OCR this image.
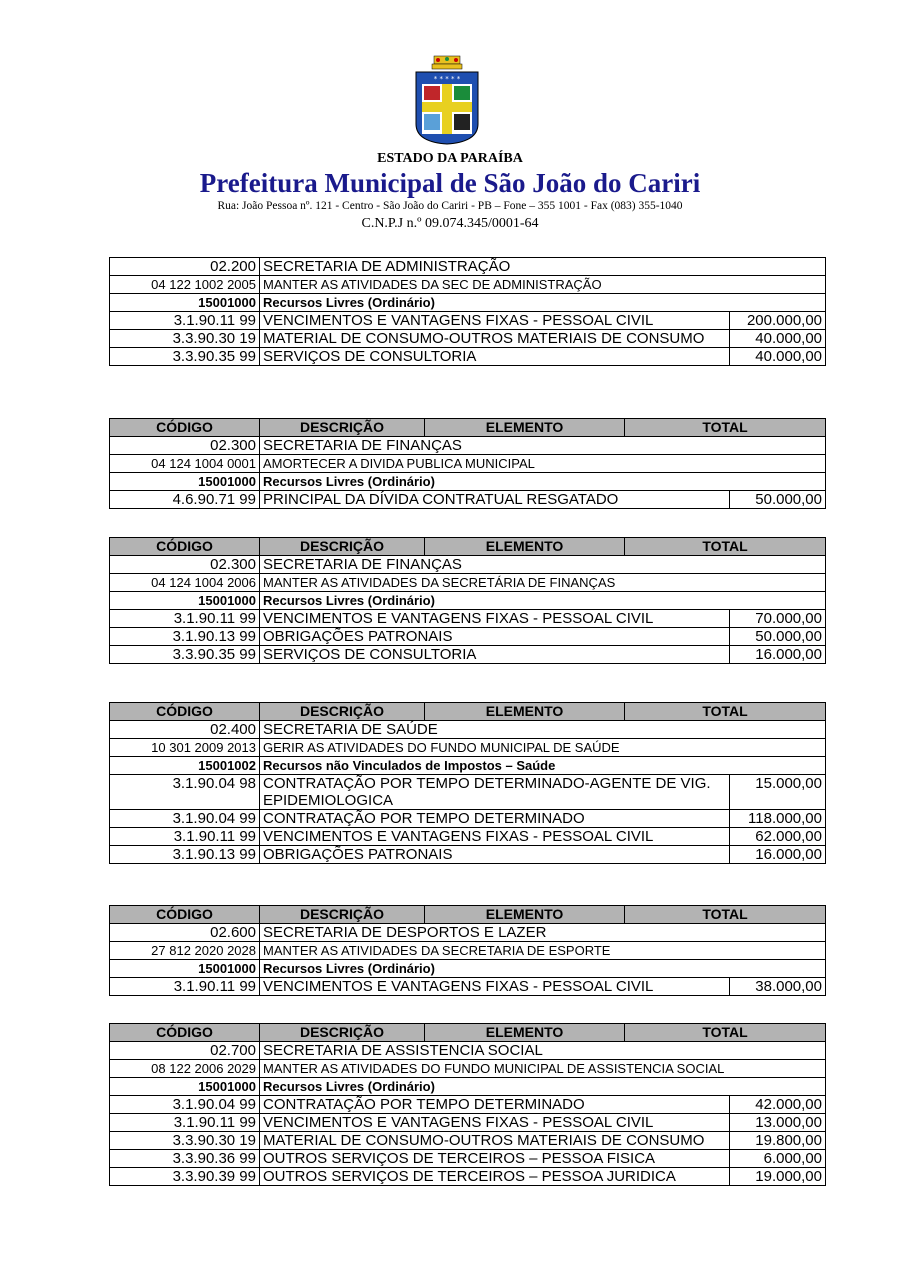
* * * * *
ESTADO DA PARAÍBA
Prefeitura Municipal de São João do Cariri
Rua: João Pessoa nº. 121 - Centro - São João do Cariri - PB – Fone – 355 1001 - Fax (083) 355-1040
C.N.P.J n.º 09.074.345/0001-64
02.200	SECRETARIA DE ADMINISTRAÇÃO	
04 122 1002 2005	MANTER AS ATIVIDADES DA SEC DE ADMINISTRAÇÃO	
15001000	Recursos Livres (Ordinário)	
3.1.90.11 99	VENCIMENTOS E VANTAGENS FIXAS - PESSOAL CIVIL	200.000,00
3.3.90.30 19	MATERIAL DE CONSUMO-OUTROS MATERIAIS DE CONSUMO	40.000,00
3.3.90.35 99	SERVIÇOS DE CONSULTORIA	40.000,00
CÓDIGO	DESCRIÇÃO	ELEMENTO	TOTAL	
02.300	SECRETARIA DE FINANÇAS			
04 124 1004 0001	AMORTECER A DIVIDA PUBLICA MUNICIPAL			
15001000	Recursos Livres (Ordinário)			
4.6.90.71 99	PRINCIPAL DA DÍVIDA CONTRATUAL RESGATADO			50.000,00
CÓDIGO	DESCRIÇÃO	ELEMENTO	TOTAL	
02.300	SECRETARIA DE FINANÇAS			
04 124 1004 2006	MANTER AS ATIVIDADES DA SECRETÁRIA DE FINANÇAS			
15001000	Recursos Livres (Ordinário)			
3.1.90.11 99	VENCIMENTOS E VANTAGENS FIXAS - PESSOAL CIVIL			70.000,00
3.1.90.13 99	OBRIGAÇÕES PATRONAIS			50.000,00
3.3.90.35 99	SERVIÇOS DE CONSULTORIA			16.000,00
CÓDIGO	DESCRIÇÃO	ELEMENTO	TOTAL	
02.400	SECRETARIA DE SAÚDE			
10 301 2009 2013	GERIR AS ATIVIDADES DO FUNDO MUNICIPAL DE SAÚDE			
15001002	Recursos não Vinculados de Impostos – Saúde			
3.1.90.04 98	CONTRATAÇÃO POR TEMPO DETERMINADO-AGENTE DE VIG. EPIDEMIOLOGICA			15.000,00
3.1.90.04 99	CONTRATAÇÃO POR TEMPO DETERMINADO			118.000,00
3.1.90.11 99	VENCIMENTOS E VANTAGENS FIXAS - PESSOAL CIVIL			62.000,00
3.1.90.13 99	OBRIGAÇÕES PATRONAIS			16.000,00
CÓDIGO	DESCRIÇÃO	ELEMENTO	TOTAL	
02.600	SECRETARIA DE DESPORTOS E LAZER			
27 812 2020 2028	MANTER AS ATIVIDADES DA SECRETARIA DE ESPORTE			
15001000	Recursos Livres (Ordinário)			
3.1.90.11 99	VENCIMENTOS E VANTAGENS FIXAS - PESSOAL CIVIL			38.000,00
CÓDIGO	DESCRIÇÃO	ELEMENTO	TOTAL	
02.700	SECRETARIA DE ASSISTENCIA SOCIAL			
08 122 2006 2029	MANTER AS ATIVIDADES DO FUNDO MUNICIPAL DE ASSISTENCIA SOCIAL			
15001000	Recursos Livres (Ordinário)			
3.1.90.04 99	CONTRATAÇÃO POR TEMPO DETERMINADO			42.000,00
3.1.90.11 99	VENCIMENTOS E VANTAGENS FIXAS - PESSOAL CIVIL			13.000,00
3.3.90.30 19	MATERIAL DE CONSUMO-OUTROS MATERIAIS DE CONSUMO			19.800,00
3.3.90.36 99	OUTROS SERVIÇOS DE TERCEIROS – PESSOA FISICA			6.000,00
3.3.90.39 99	OUTROS SERVIÇOS DE TERCEIROS – PESSOA JURIDICA			19.000,00
